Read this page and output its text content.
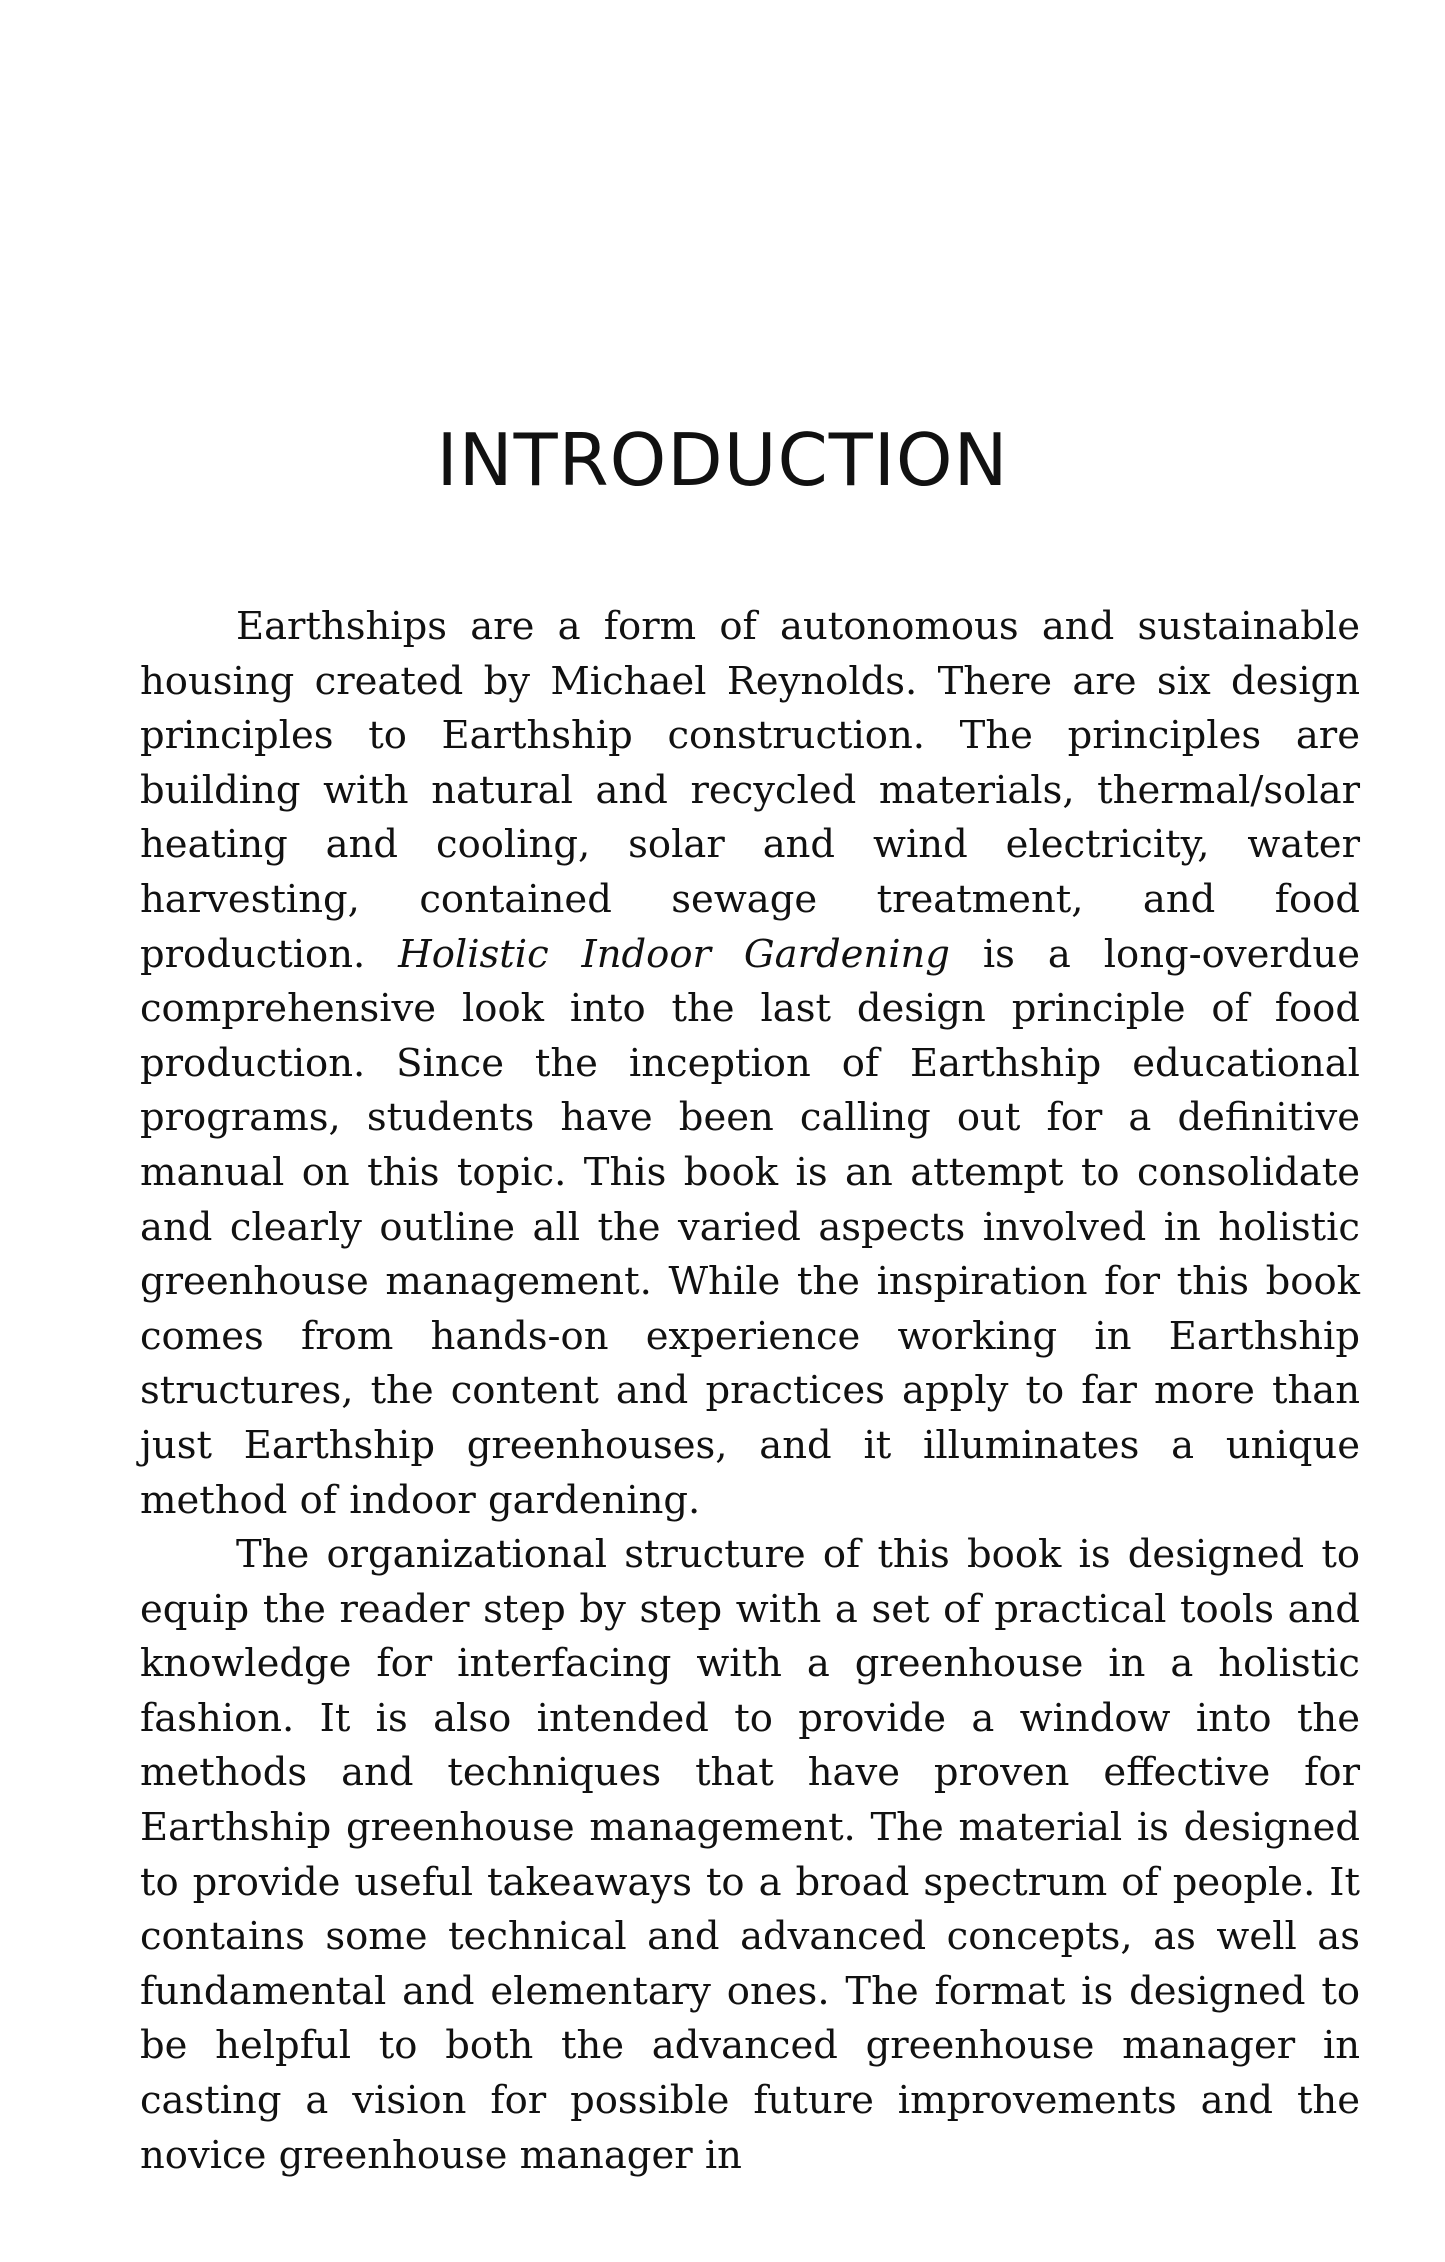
INTRODUCTION

Earthships are a form of autonomous and sustainable housing created by Michael Reynolds. There are six design principles to Earthship construction. The principles are building with natural and recycled materials, thermal/solar heating and cooling, solar and wind electricity, water harvesting, contained sewage treatment, and food production. Holistic Indoor Gardening is a long-overdue comprehensive look into the last design principle of food production. Since the inception of Earthship educational programs, students have been calling out for a definitive manual on this topic. This book is an attempt to consolidate and clearly outline all the varied aspects involved in holistic greenhouse management. While the inspiration for this book comes from hands-on experience working in Earthship structures, the content and practices apply to far more than just Earthship greenhouses, and it illuminates a unique method of indoor gardening.

The organizational structure of this book is designed to equip the reader step by step with a set of practical tools and knowledge for interfacing with a greenhouse in a holistic fashion. It is also intended to provide a window into the methods and techniques that have proven effective for Earthship greenhouse management. The material is designed to provide useful takeaways to a broad spectrum of people. It contains some technical and advanced concepts, as well as fundamental and elementary ones. The format is designed to be helpful to both the advanced greenhouse manager in casting a vision for possible future improvements and the novice greenhouse manager in
